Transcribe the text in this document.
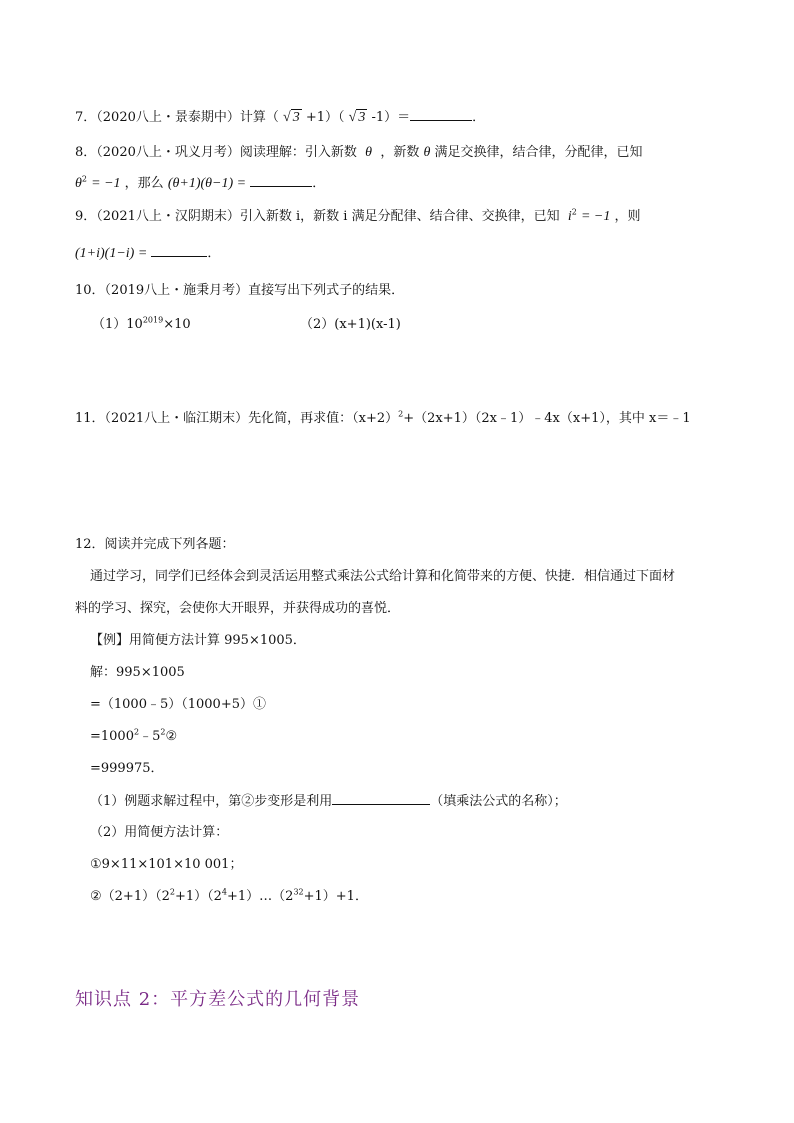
7．（2020八上・景泰期中）计算（ √ 3 +1）（ √ 3 -1）＝	．
8．（2020八上・巩义月考）阅读理解：引入新数 θ ，新数 θ 满足交换律，结合律，分配律，已知
$\theta^2 = -1$ ，那么 (θ+1)(θ−1) =	．
9．（2021八上・汉阴期末）引入新数 i，新数 i 满足分配律、结合律、交换律，已知 $i^2 = -1$ ，则
(1+i)(1−i) =	．
10．（2019八上・施秉月考）直接写出下列式子的结果．
$(1)10^{2019}\times 10$	（2）(x+1)(x-1)
11．（2021八上・临江期末）先化简，再求值：$(x+2)^2+(2x+1)(2x﹣1)﹣4x(x+1)$，其中 x＝﹣1
12．阅读并完成下列各题：
通过学习，同学们已经体会到灵活运用整式乘法公式给计算和化简带来的方便、快捷．相信通过下面材
料的学习、探究，会使你大开眼界，并获得成功的喜悦．
【例】用简便方法计算 995×1005．
解：995×1005
=（1000﹣5）（1000+5）①
$=1000^2﹣5^2②$
=999975．
（1）例题求解过程中，第②步变形是利用	（填乘法公式的名称）；
（2）用简便方法计算：
①9×11×101×10 001；
$②(2+1)(2^2+1)(2^4+1)\dots(2^{32}+1)+1$．
知识点 2：平方差公式的几何背景
